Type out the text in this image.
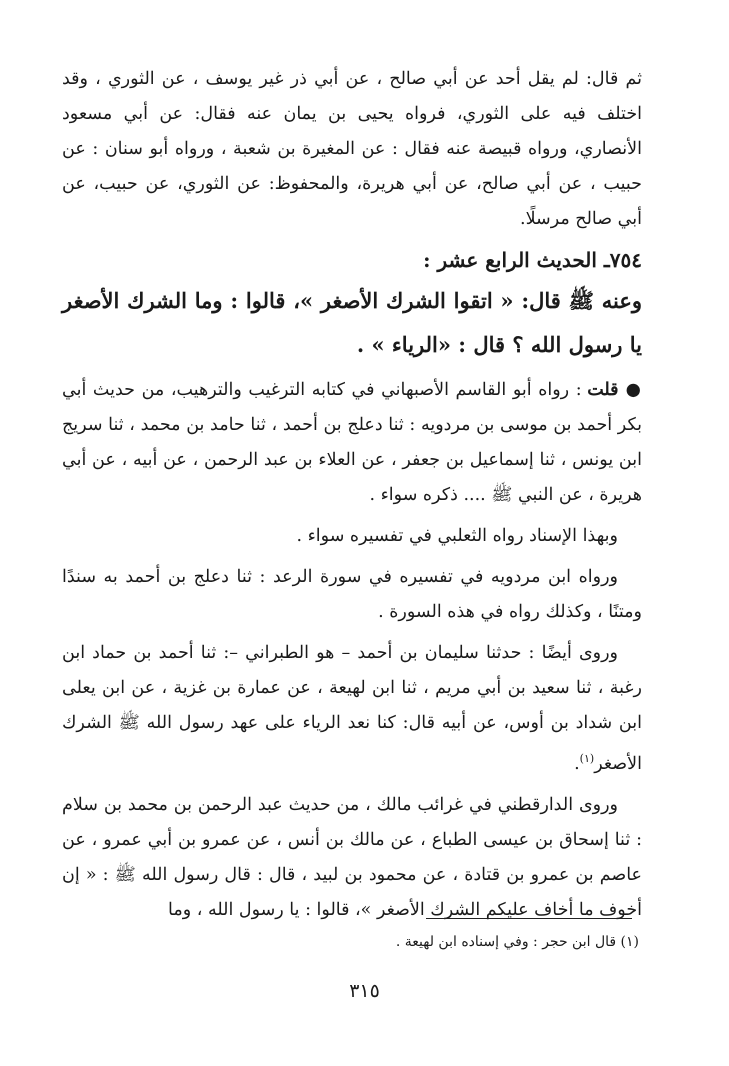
ثم قال: لم يقل أحد عن أبي صالح ، عن أبي ذر غير يوسف ، عن الثوري ، وقد اختلف فيه على الثوري، فرواه يحيى بن يمان عنه فقال: عن أبي مسعود الأنصاري، ورواه قبيصة عنه فقال : عن المغيرة بن شعبة ، ورواه أبو سنان : عن حبيب ، عن أبي صالح، عن أبي هريرة، والمحفوظ: عن الثوري، عن حبيب، عن أبي صالح مرسلًا.

٧٥٤ـ الحديث الرابع عشر :

وعنه ﷺ قال: « اتقوا الشرك الأصغر »، قالوا : وما الشرك الأصغر يا رسول الله ؟ قال : «الرياء » .

● قلت : رواه أبو القاسم الأصبهاني في كتابه الترغيب والترهيب، من حديث أبي بكر أحمد بن موسى بن مردويه : ثنا دعلج بن أحمد ، ثنا حامد بن محمد ، ثنا سريج ابن يونس ، ثنا إسماعيل بن جعفر ، عن العلاء بن عبد الرحمن ، عن أبيه ، عن أبي هريرة ، عن النبي ﷺ .... ذكره سواء .

وبهذا الإسناد رواه الثعلبي في تفسيره سواء .

ورواه ابن مردويه في تفسيره في سورة الرعد : ثنا دعلج بن أحمد به سندًا ومتنًا ، وكذلك رواه في هذه السورة .

وروى أيضًا : حدثنا سليمان بن أحمد – هو الطبراني –: ثنا أحمد بن حماد ابن رغبة ، ثنا سعيد بن أبي مريم ، ثنا ابن لهيعة ، عن عمارة بن غزية ، عن ابن يعلى ابن شداد بن أوس، عن أبيه قال: كنا نعد الرياء على عهد رسول الله ﷺ الشرك الأصغر$^{(١)}$.

وروى الدارقطني في غرائب مالك ، من حديث عبد الرحمن بن محمد بن سلام : ثنا إسحاق بن عيسى الطباع ، عن مالك بن أنس ، عن عمرو بن أبي عمرو ، عن عاصم بن عمرو بن قتادة ، عن محمود بن لبيد ، قال : قال رسول الله ﷺ : « إن أخوف ما أخاف عليكم الشرك الأصغر »، قالوا : يا رسول الله ، وما

(١) قال ابن حجر : وفي إسناده ابن لهيعة .
٣١٥
